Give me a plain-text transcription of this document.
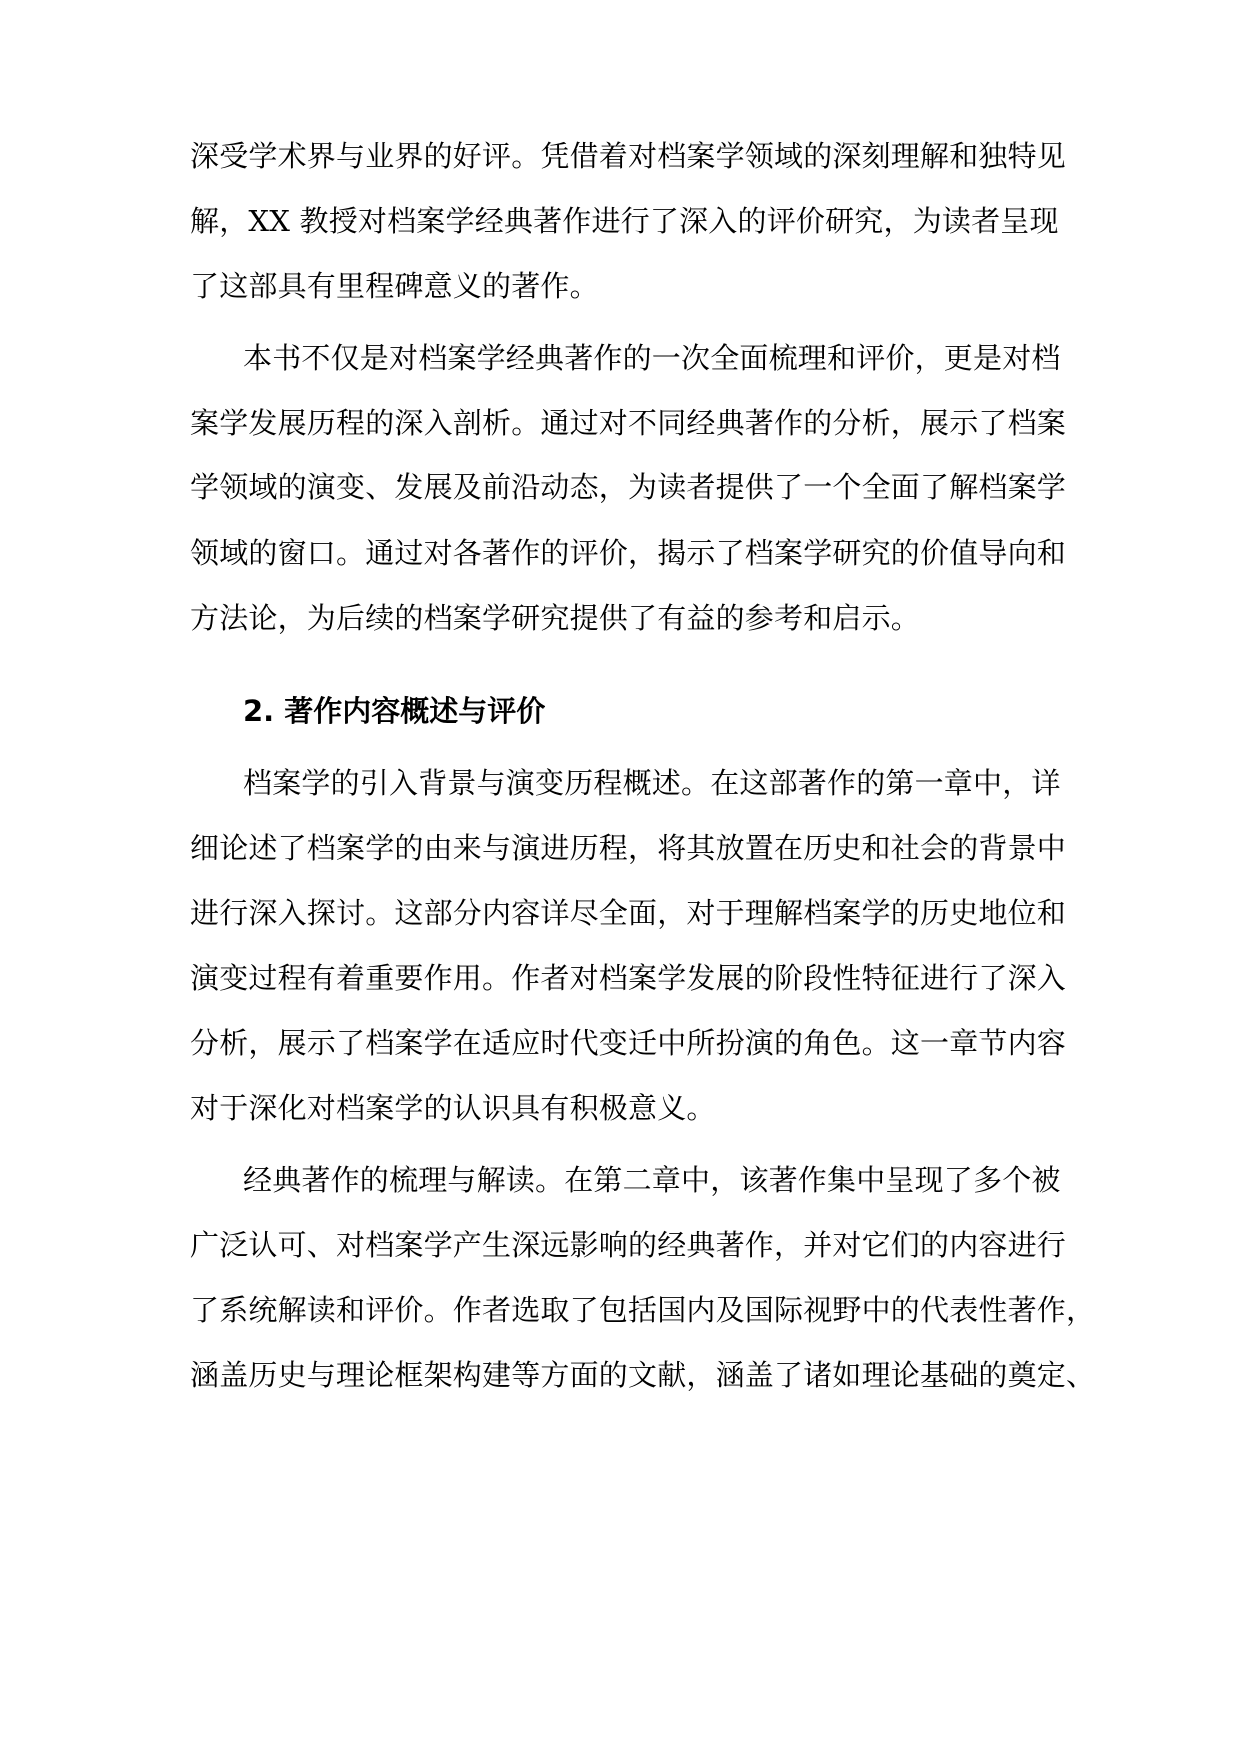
深受学术界与业界的好评。凭借着对档案学领域的深刻理解和独特见
解，XX 教授对档案学经典著作进行了深入的评价研究，为读者呈现
了这部具有里程碑意义的著作。
本书不仅是对档案学经典著作的一次全面梳理和评价，更是对档
案学发展历程的深入剖析。通过对不同经典著作的分析，展示了档案
学领域的演变、发展及前沿动态，为读者提供了一个全面了解档案学
领域的窗口。通过对各著作的评价，揭示了档案学研究的价值导向和
方法论，为后续的档案学研究提供了有益的参考和启示。
2. 著作内容概述与评价
档案学的引入背景与演变历程概述。在这部著作的第一章中，详
细论述了档案学的由来与演进历程，将其放置在历史和社会的背景中
进行深入探讨。这部分内容详尽全面，对于理解档案学的历史地位和
演变过程有着重要作用。作者对档案学发展的阶段性特征进行了深入
分析，展示了档案学在适应时代变迁中所扮演的角色。这一章节内容
对于深化对档案学的认识具有积极意义。
经典著作的梳理与解读。在第二章中，该著作集中呈现了多个被
广泛认可、对档案学产生深远影响的经典著作，并对它们的内容进行
了系统解读和评价。作者选取了包括国内及国际视野中的代表性著作，
涵盖历史与理论框架构建等方面的文献，涵盖了诸如理论基础的奠定、
